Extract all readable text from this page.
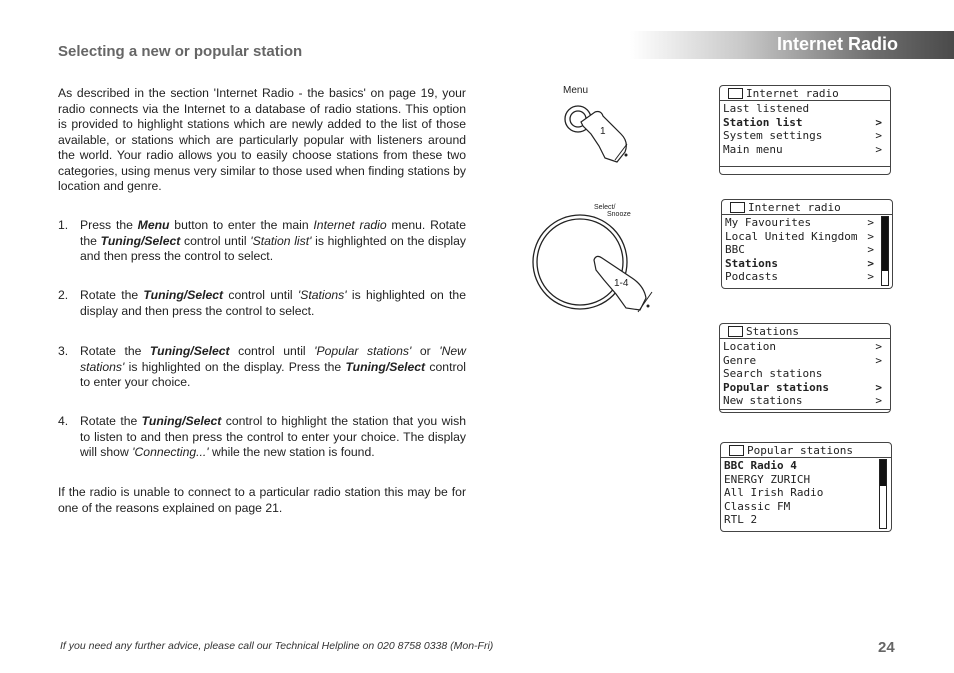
Internet Radio
Selecting a new or popular station

As described in the section 'Internet Radio - the basics' on page 19, your radio connects via the Internet to a database of radio stations. This option is provided to highlight stations which are newly added to the list of those available, or stations which are particularly popular with listeners around the world. Your radio allows you to easily choose stations from these two categories, using menus very similar to those used when finding stations by location and genre.

1. Press the Menu button to enter the main Internet radio menu. Rotate the Tuning/Select control until 'Station list' is highlighted on the display and then press the control to select.
2. Rotate the Tuning/Select control until 'Stations' is highlighted on the display and then press the control to select.
3. Rotate the Tuning/Select control until 'Popular stations' or 'New stations' is highlighted on the display. Press the Tuning/Select control to enter your choice.
4. Rotate the Tuning/Select control to highlight the station that you wish to listen to and then press the control to enter your choice. The display will show 'Connecting...' while the new station is found.

If the radio is unable to connect to a particular radio station this may be for one of the reasons explained on page 21.

Menu
1
Select/
Snooze
1-4
Internet radio
Last listened
Station list	>
System settings	>
Main menu	>
Internet radio
My Favourites	>
Local United Kingdom >
BBC	>
Stations	>
Podcasts	>
Stations
Location	>
Genre	>
Search stations
Popular stations	>
New stations	>
Popular stations
BBC Radio 4
ENERGY ZURICH
All Irish Radio
Classic FM
RTL 2
If you need any further advice, please call our Technical Helpline on 020 8758 0338 (Mon-Fri)	24
